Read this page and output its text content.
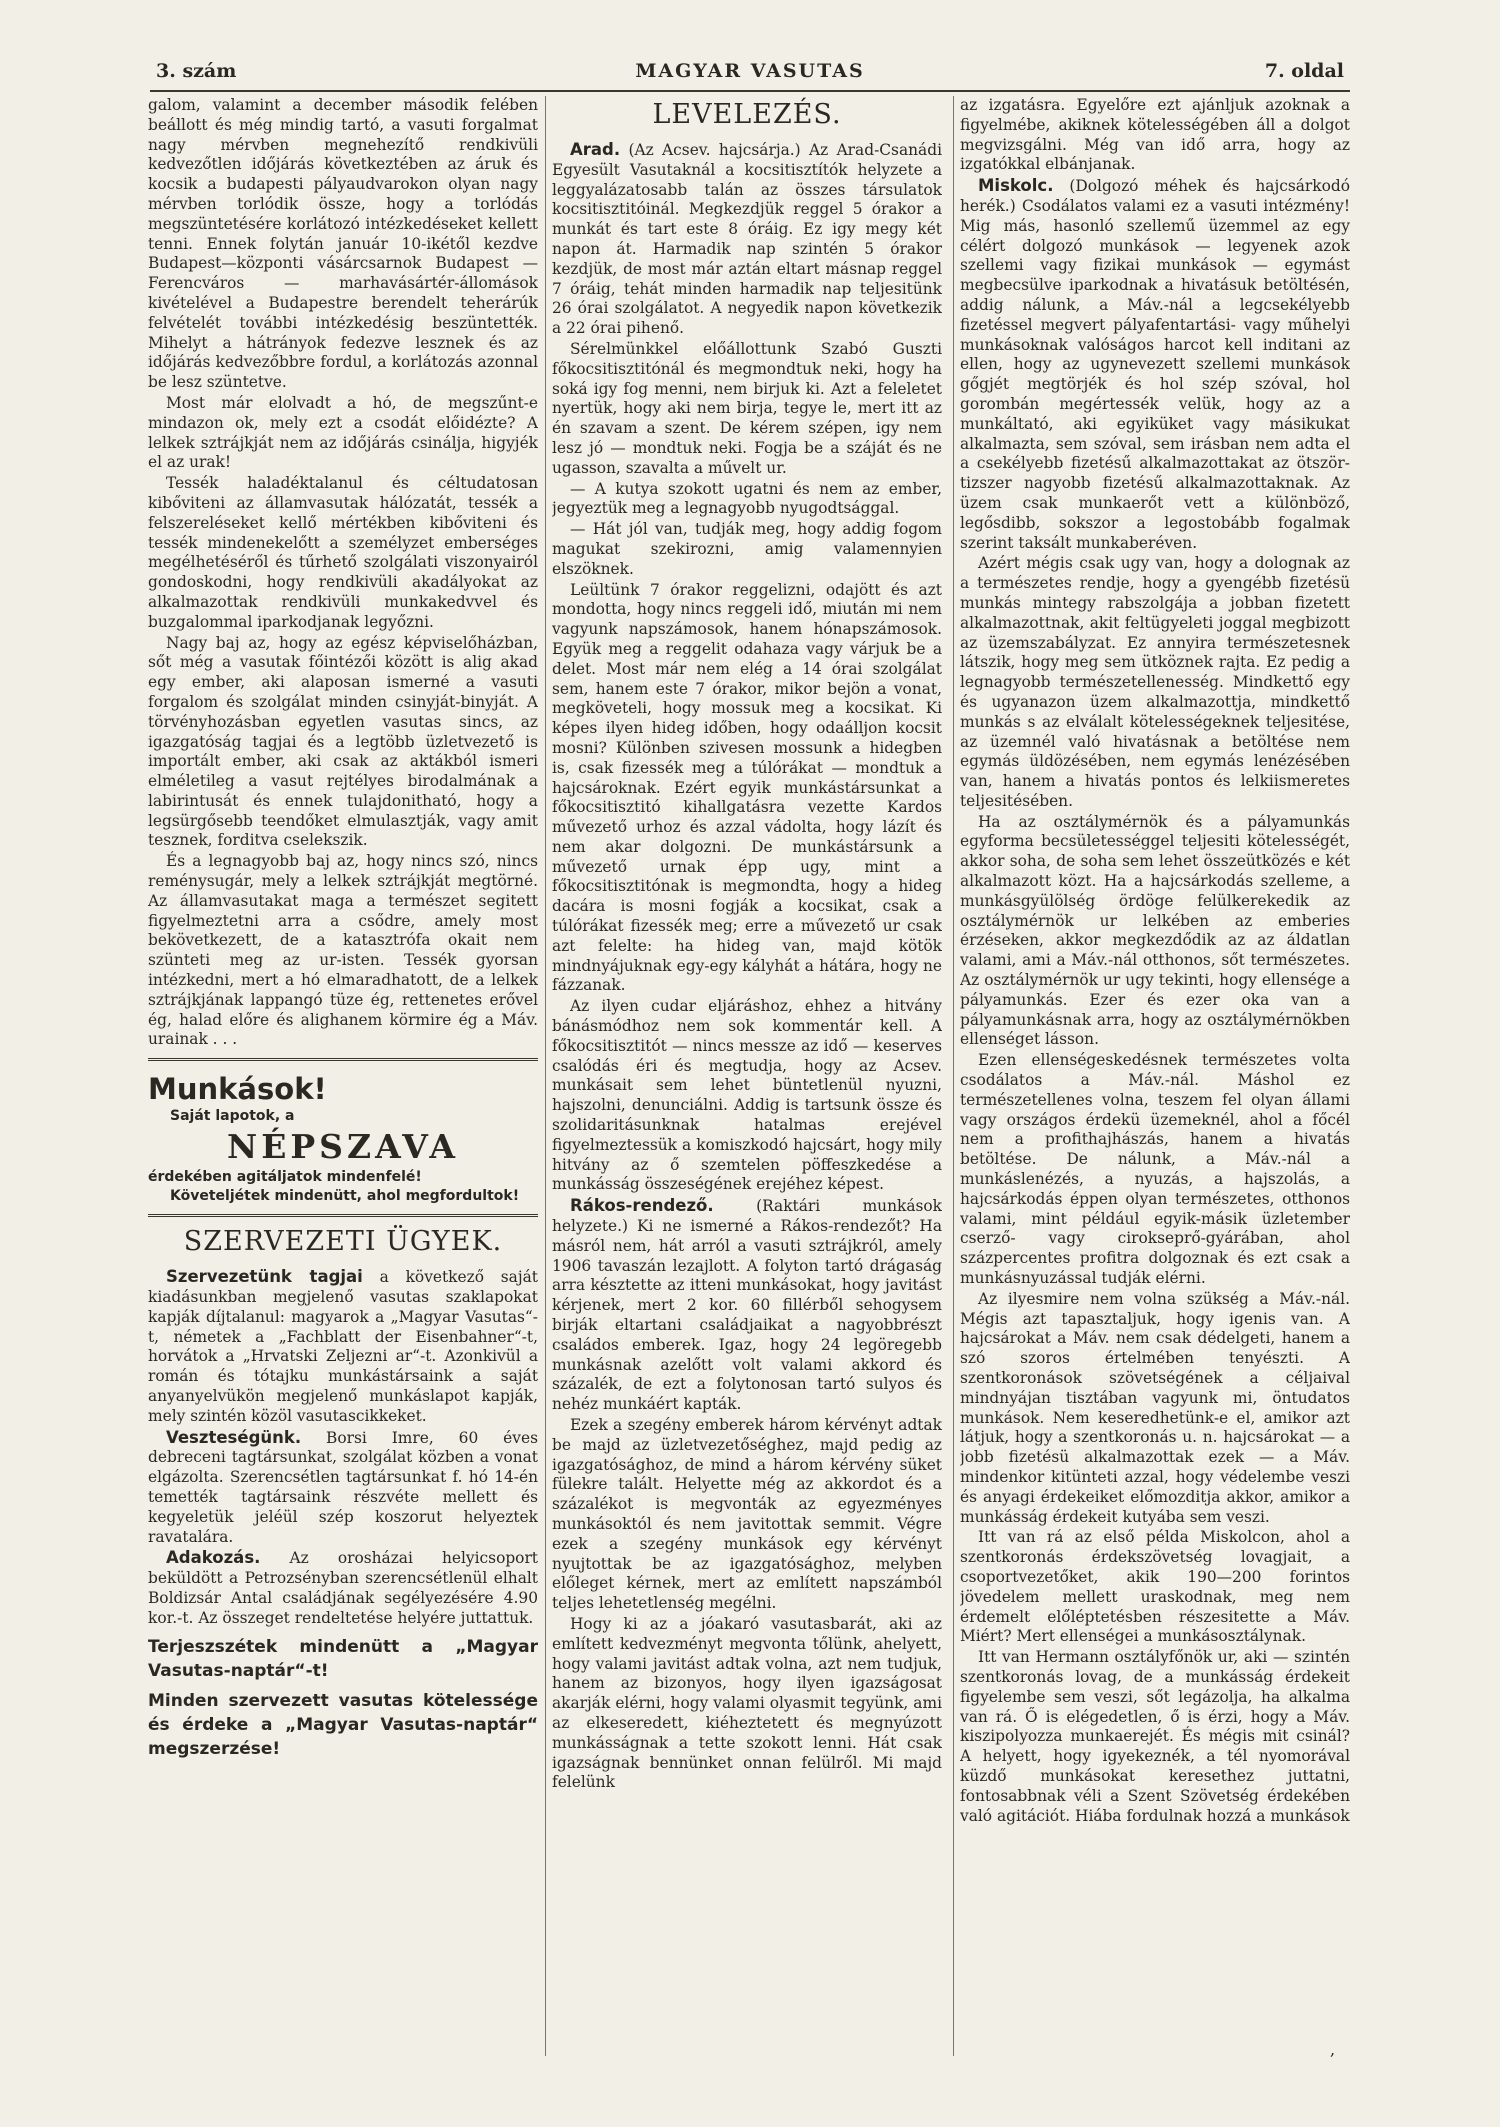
3. szám	MAGYAR VASUTAS	7. oldal

galom, valamint a december második felében beállott és még mindig tartó, a vasuti forgalmat nagy mérvben megnehezítő rendkivüli kedvezőtlen időjárás következtében az áruk és kocsik a budapesti pályaudvarokon olyan nagy mérvben torlódik össze, hogy a torlódás megszüntetésére korlátozó intézkedéseket kellett tenni. Ennek folytán január 10-ikétől kezdve Budapest—központi vásárcsarnok Budapest — Ferencváros — marhavásártér-állomások kivételével a Budapestre berendelt teherárúk felvételét további intézkedésig beszüntették. Mihelyt a hátrányok fedezve lesznek és az időjárás kedvezőbbre fordul, a korlátozás azonnal be lesz szüntetve.

Most már elolvadt a hó, de megszűnt-e mindazon ok, mely ezt a csodát előidézte? A lelkek sztrájkját nem az időjárás csinálja, higyjék el az urak!

Tessék haladéktalanul és céltudatosan kibőviteni az államvasutak hálózatát, tessék a felszereléseket kellő mértékben kibőviteni és tessék mindenekelőtt a személyzet emberséges megélhetéséről és tűrhető szolgálati viszonyairól gondoskodni, hogy rendkivüli akadályokat az alkalmazottak rendkivüli munkakedvvel és buzgalommal iparkodjanak legyőzni.

Nagy baj az, hogy az egész képviselőházban, sőt még a vasutak főintézői között is alig akad egy ember, aki alaposan ismerné a vasuti forgalom és szolgálat minden csinyját-binyját. A törvényhozásban egyetlen vasutas sincs, az igazgatóság tagjai és a legtöbb üzletvezető is importált ember, aki csak az aktákból ismeri elméletileg a vasut rejtélyes birodalmának a labirintusát és ennek tulajdonitható, hogy a legsürgősebb teendőket elmulasztják, vagy amit tesznek, forditva cselekszik.

És a legnagyobb baj az, hogy nincs szó, nincs reménysugár, mely a lelkek sztrájkját megtörné. Az államvasutakat maga a természet segitett figyelmeztetni arra a csődre, amely most bekövetkezett, de a katasztrófa okait nem szünteti meg az ur-isten. Tessék gyorsan intézkedni, mert a hó elmaradhatott, de a lelkek sztrájkjának lappangó tüze ég, rettenetes erővel ég, halad előre és alighanem körmire ég a Máv. urainak . . .

Munkások!
Saját lapotok, a
NÉPSZAVA
érdekében agitáljatok mindenfelé!
Követeljétek mindenütt, ahol megfordultok!
SZERVEZETI ÜGYEK.

Szervezetünk tagjai a következő saját kiadásunkban megjelenő vasutas szaklapokat kapják díjtalanul: magyarok a „Magyar Vasutas“-t, németek a „Fachblatt der Eisenbahner“-t, horvátok a „Hrvatski Zeljezni ar“-t. Azonkivül a román és tótajku munkástársaink a saját anyanyelvükön megjelenő munkáslapot kapják, mely szintén közöl vasutascikkeket.

Veszteségünk. Borsi Imre, 60 éves debreceni tagtársunkat, szolgálat közben a vonat elgázolta. Szerencsétlen tagtársunkat f. hó 14-én temették tagtársaink részvéte mellett és kegyeletük jeléül szép koszorut helyeztek ravatalára.

Adakozás. Az orosházai helyicsoport beküldött a Petrozsényban szerencsétlenül elhalt Boldizsár Antal családjának segélyezésére 4.90 kor.-t. Az összeget rendeltetése helyére juttattuk.

Terjeszszétek mindenütt a „Magyar Vasutas-naptár“-t!
Minden szervezett vasutas kötelessége és érdeke a „Magyar Vasutas-naptár“ megszerzése!
LEVELEZÉS.

Arad. (Az Acsev. hajcsárja.) Az Arad-Csanádi Egyesült Vasutaknál a kocsitisztítók helyzete a leggyalázatosabb talán az összes társulatok kocsitisztitóinál. Megkezdjük reggel 5 órakor a munkát és tart este 8 óráig. Ez igy megy két napon át. Harmadik nap szintén 5 órakor kezdjük, de most már aztán eltart másnap reggel 7 óráig, tehát minden harmadik nap teljesitünk 26 órai szolgálatot. A negyedik napon következik a 22 órai pihenő.

Sérelmünkkel előállottunk Szabó Guszti főkocsitisztitónál és megmondtuk neki, hogy ha soká igy fog menni, nem birjuk ki. Azt a feleletet nyertük, hogy aki nem birja, tegye le, mert itt az én szavam a szent. De kérem szépen, igy nem lesz jó — mondtuk neki. Fogja be a száját és ne ugasson, szavalta a művelt ur.

— A kutya szokott ugatni és nem az ember, jegyeztük meg a legnagyobb nyugodtsággal.

— Hát jól van, tudják meg, hogy addig fogom magukat szekirozni, amig valamennyien elszöknek.

Leültünk 7 órakor reggelizni, odajött és azt mondotta, hogy nincs reggeli idő, miután mi nem vagyunk napszámosok, hanem hónapszámosok. Együk meg a reggelit odahaza vagy várjuk be a delet. Most már nem elég a 14 órai szolgálat sem, hanem este 7 órakor, mikor bejön a vonat, megköveteli, hogy mossuk meg a kocsikat. Ki képes ilyen hideg időben, hogy odaálljon kocsit mosni? Különben szivesen mossunk a hidegben is, csak fizessék meg a túlórákat — mondtuk a hajcsároknak. Ezért egyik munkástársunkat a főkocsitisztitó kihallgatásra vezette Kardos művezető urhoz és azzal vádolta, hogy lázít és nem akar dolgozni. De munkástársunk a művezető urnak épp ugy, mint a főkocsitisztitónak is megmondta, hogy a hideg dacára is mosni fogják a kocsikat, csak a túlórákat fizessék meg; erre a művezető ur csak azt felelte: ha hideg van, majd kötök mindnyájuknak egy-egy kályhát a hátára, hogy ne fázzanak.

Az ilyen cudar eljáráshoz, ehhez a hitvány bánásmódhoz nem sok kommentár kell. A főkocsitisztitót — nincs messze az idő — keserves csalódás éri és megtudja, hogy az Acsev. munkásait sem lehet büntetlenül nyuzni, hajszolni, denunciálni. Addig is tartsunk össze és szolidaritásunknak hatalmas erejével figyelmeztessük a komiszkodó hajcsárt, hogy mily hitvány az ő szemtelen pöffeszkedése a munkásság összeségének erejéhez képest.

Rákos-rendező.	(Raktári munkások helyzete.) Ki ne ismerné a Rákos-rendezőt? Ha másról nem, hát arról a vasuti sztrájkról, amely 1906 tavaszán lezajlott. A folyton tartó drágaság arra késztette az itteni munkásokat, hogy javitást kérjenek, mert 2 kor. 60 fillérből sehogysem birják eltartani családjaikat a nagyobbrészt családos emberek. Igaz, hogy 24 legöregebb munkásnak azelőtt volt valami akkord és százalék, de ezt a folytonosan tartó sulyos és nehéz munkáért kapták.

Ezek a szegény emberek három kérvényt adtak be majd az üzletvezetőséghez, majd pedig az igazgatósághoz, de mind a három kérvény süket fülekre talált. Helyette még az akkordot és a százalékot is megvonták az egyezményes munkásoktól és nem javitottak semmit. Végre ezek a szegény munkások egy kérvényt nyujtottak be az igazgatósághoz, melyben előleget kérnek, mert az említett napszámból teljes lehetetlenség megélni.

Hogy ki az a jóakaró vasutasbarát, aki az említett kedvezményt megvonta tőlünk, ahelyett, hogy valami javitást adtak volna, azt nem tudjuk, hanem az bizonyos, hogy ilyen igazságosat akarják elérni, hogy valami olyasmit tegyünk, ami az elkeseredett, kiéheztetett és megnyúzott munkásságnak a tette szokott lenni. Hát csak igazságnak bennünket onnan felülről. Mi majd felelünk

az izgatásra. Egyelőre ezt ajánljuk azoknak a figyelmébe, akiknek kötelességében áll a dolgot megvizsgálni. Még van idő arra, hogy az izgatókkal elbánjanak.

Miskolc. (Dolgozó méhek és hajcsárkodó herék.) Csodálatos valami ez a vasuti intézmény! Mig más, hasonló szellemű üzemmel az egy célért dolgozó munkások — legyenek azok szellemi vagy fizikai munkások — egymást megbecsülve iparkodnak a hivatásuk betöltésén, addig nálunk, a Máv.-nál a legcsekélyebb fizetéssel megvert pályafentartási- vagy műhelyi munkásoknak valóságos harcot kell inditani az ellen, hogy az ugynevezett szellemi munkások gőgjét megtörjék és hol szép szóval, hol gorombán megértessék velük, hogy az a munkáltató, aki egyiküket vagy másikukat alkalmazta, sem szóval, sem irásban nem adta el a csekélyebb fizetésű alkalmazottakat az ötször-tizszer nagyobb fizetésű alkalmazottaknak. Az üzem csak munkaerőt vett a különböző, legősdibb, sokszor a legostobább fogalmak szerint taksált munkaberéven.

Azért mégis csak ugy van, hogy a dolognak az a természetes rendje, hogy a gyengébb fizetésü munkás mintegy rabszolgája a jobban fizetett alkalmazottnak, akit feltügyeleti joggal megbizott az üzemszabályzat. Ez annyira természetesnek látszik, hogy meg sem ütköznek rajta. Ez pedig a legnagyobb természetellenesség. Mindkettő egy és ugyanazon üzem alkalmazottja, mindkettő munkás s az elválalt kötelességeknek teljesitése, az üzemnél való hivatásnak a betöltése nem egymás üldözésében, nem egymás lenézésében van, hanem a hivatás pontos és lelkiismeretes teljesitésében.

Ha az osztálymérnök és a pályamunkás egyforma becsületességgel teljesiti kötelességét, akkor soha, de soha sem lehet összeütközés e két alkalmazott közt. Ha a hajcsárkodás szelleme, a munkásgyülölség ördöge felülkerekedik az osztálymérnök ur lelkében az emberies érzéseken, akkor megkezdődik az az áldatlan valami, ami a Máv.-nál otthonos, sőt természetes. Az osztálymérnök ur ugy tekinti, hogy ellensége a pályamunkás. Ezer és ezer oka van a pályamunkásnak arra, hogy az osztálymérnökben ellenséget lásson.

Ezen ellenségeskedésnek természetes volta csodálatos a Máv.-nál. Máshol ez természetellenes volna, teszem fel olyan állami vagy országos érdekü üzemeknél, ahol a főcél nem a profithajhászás, hanem a hivatás betöltése. De nálunk, a Máv.-nál a munkáslenézés, a nyuzás, a hajszolás, a hajcsárkodás éppen olyan természetes, otthonos valami, mint például egyik-másik üzletember cserző- vagy cirokseprő-gyárában, ahol százpercentes profitra dolgoznak és ezt csak a munkásnyuzással tudják elérni.

Az ilyesmire nem volna szükség a Máv.-nál. Mégis azt tapasztaljuk, hogy igenis van. A hajcsárokat a Máv. nem csak dédelgeti, hanem a szó szoros értelmében tenyészti. A szentkoronások szövetségének a céljaival mindnyájan tisztában vagyunk mi, öntudatos munkások. Nem keseredhetünk-e el, amikor azt látjuk, hogy a szentkoronás u. n. hajcsárokat — a jobb fizetésü alkalmazottak ezek — a Máv. mindenkor kitünteti azzal, hogy védelembe veszi és anyagi érdekeiket előmozditja akkor, amikor a munkásság érdekeit kutyába sem veszi.

Itt van rá az első példa Miskolcon, ahol a szentkoronás érdekszövetség lovagjait, a csoportvezetőket, akik 190—200 forintos jövedelem mellett uraskodnak, meg nem érdemelt előléptetésben részesitette a Máv. Miért? Mert ellenségei a munkásosztálynak.

Itt van Hermann osztályfőnök ur, aki — szintén szentkoronás lovag, de a munkásság érdekeit figyelembe sem veszi, sőt legázolja, ha alkalma van rá. Ő is elégedetlen, ő is érzi, hogy a Máv. kiszipolyozza munkaerejét. És mégis mit csinál? A helyett, hogy igyekeznék, a tél nyomorával küzdő munkásokat keresethez juttatni, fontosabbnak véli a Szent Szövetség érdekében való agitációt. Hiába fordulnak hozzá a munkások

,
